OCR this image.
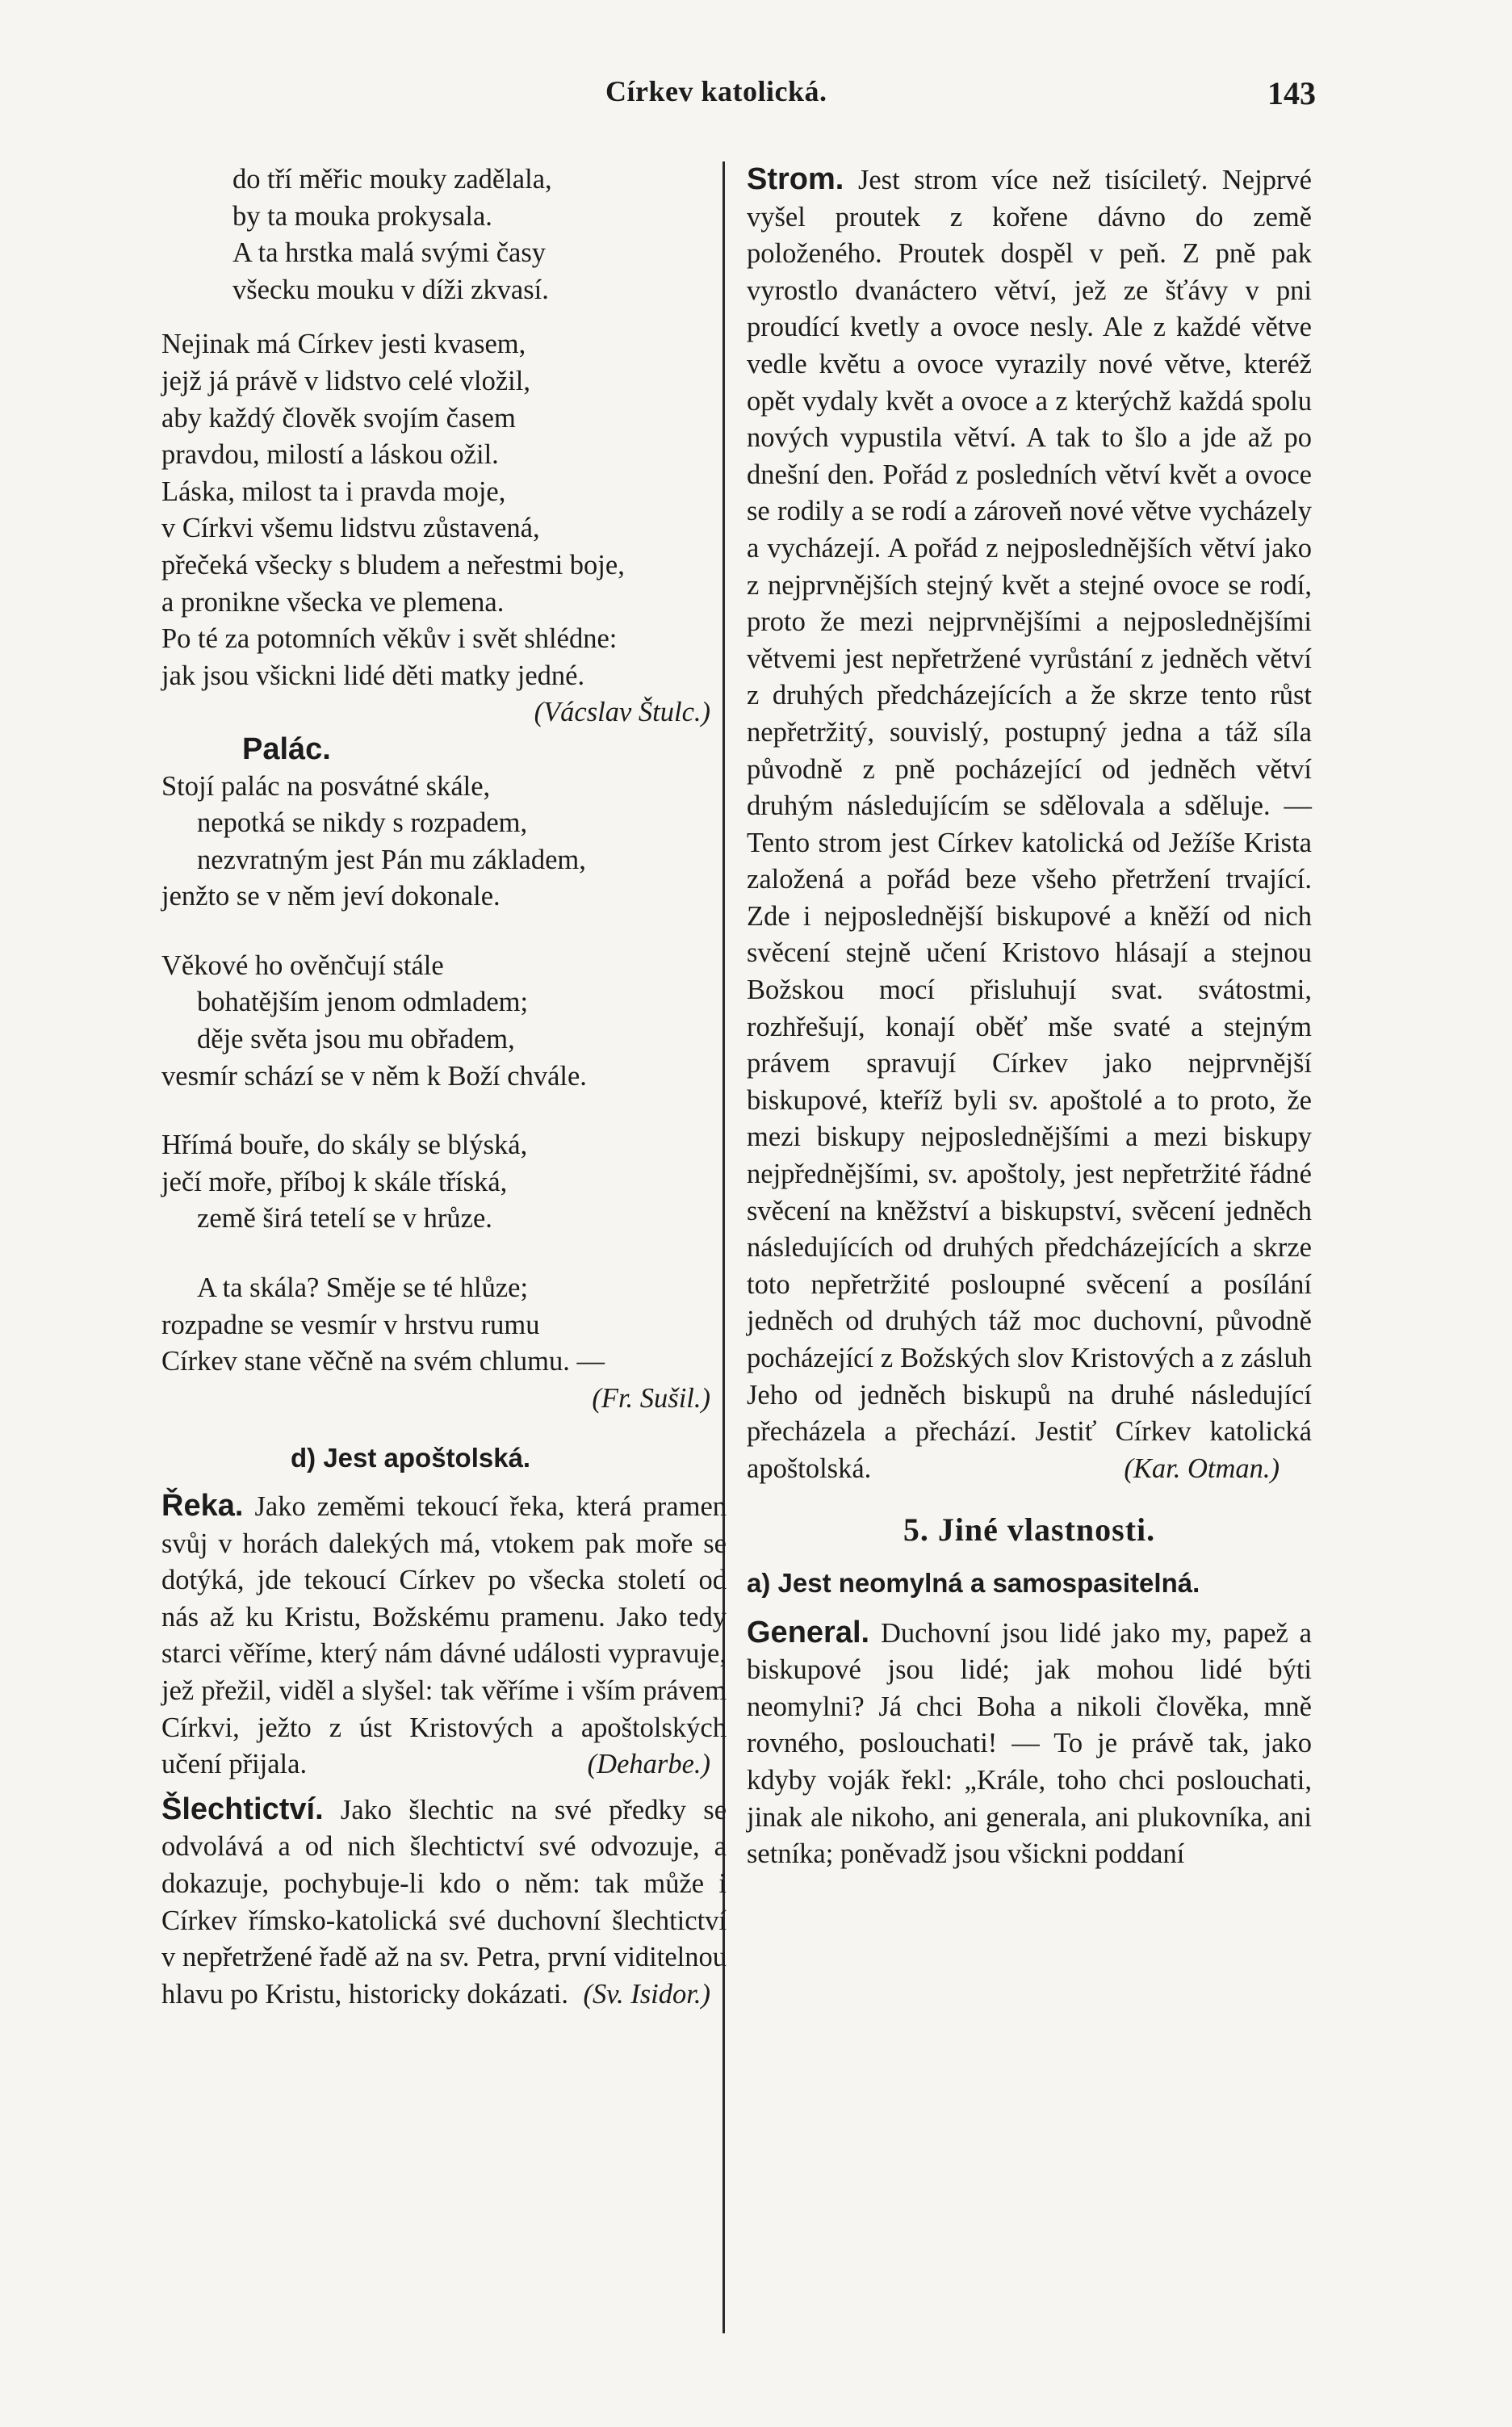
Církev katolická.	143

do tří měřic mouky zadělala,

by ta mouka prokysala.

A ta hrstka malá svými časy

všecku mouku v díži zkvasí.

Nejinak má Církev jesti kvasem,

jejž já právě v lidstvo celé vložil,

aby každý člověk svojím časem

pravdou, milostí a láskou ožil.

Láska, milost ta i pravda moje,

v Církvi všemu lidstvu zůstavená,

přečeká všecky s bludem a neřestmi boje,

a pronikne všecka ve plemena.

Po té za potomních věkův i svět shlédne:

jak jsou všickni lidé děti matky jedné.

(Vácslav Štulc.)

Palác.

Stojí palác na posvátné skále,

nepotká se nikdy s rozpadem,

nezvratným jest Pán mu základem,

jenžto se v něm jeví dokonale.

Věkové ho ověnčují stále

bohatějším jenom odmladem;

děje světa jsou mu obřadem,

vesmír schází se v něm k Boží chvále.

Hřímá bouře, do skály se blýská,

ječí moře, příboj k skále tříská,

země širá tetelí se v hrůze.

A ta skála? Směje se té hlůze;

rozpadne se vesmír v hrstvu rumu

Církev stane věčně na svém chlumu. —

(Fr. Sušil.)

d) Jest apoštolská.

Řeka. Jako zeměmi tekoucí řeka, která pramen svůj v horách dalekých má, vtokem pak moře se dotýká, jde tekoucí Církev po všecka století od nás až ku Kristu, Božskému pramenu. Jako tedy starci věříme, který nám dávné události vypravuje, jež přežil, viděl a slyšel: tak věříme i vším právem Církvi, ježto z úst Kristových a apoštolských učení přijala.	(Deharbe.)

Šlechtictví. Jako šlechtic na své předky se odvolává a od nich šlechtictví své odvozuje, a dokazuje, pochybuje-li kdo o něm: tak může i Církev římsko-katolická své duchovní šlechtictví v nepřetržené řadě až na sv. Petra, první viditelnou hlavu po Kristu, historicky dokázati. (Sv. Isidor.)

Strom. Jest strom více než tisíciletý. Nejprvé vyšel proutek z kořene dávno do země položeného. Proutek dospěl v peň. Z pně pak vyrostlo dvanáctero větví, jež ze šťávy v pni proudící kvetly a ovoce nesly. Ale z každé větve vedle květu a ovoce vyrazily nové větve, kteréž opět vydaly květ a ovoce a z kterýchž každá spolu nových vypustila větví. A tak to šlo a jde až po dnešní den. Pořád z posledních větví květ a ovoce se rodily a se rodí a zároveň nové větve vycházely a vycházejí. A pořád z nejposlednějších větví jako z nejprvnějších stejný květ a stejné ovoce se rodí, proto že mezi nejprvnějšími a nejposlednějšími větvemi jest nepřetržené vyrůstání z jedněch větví z druhých předcházejících a že skrze tento růst nepřetržitý, souvislý, postupný jedna a táž síla původně z pně pocházející od jedněch větví druhým následujícím se sdělovala a sděluje. — Tento strom jest Církev katolická od Ježíše Krista založená a pořád beze všeho přetržení trvající. Zde i nejposlednější biskupové a kněží od nich svěcení stejně učení Kristovo hlásají a stejnou Božskou mocí přisluhují svat. svátostmi, rozhřešují, konají oběť mše svaté a stejným právem spravují Církev jako nejprvnější biskupové, kteříž byli sv. apoštolé a to proto, že mezi biskupy nejposlednějšími a mezi biskupy nejpřednějšími, sv. apoštoly, jest nepřetržité řádné svěcení na kněžství a biskupství, svěcení jedněch následujících od druhých předcházejících a skrze toto nepřetržité posloupné svěcení a posílání jedněch od druhých táž moc duchovní, původně pocházející z Božských slov Kristových a z zásluh Jeho od jedněch biskupů na druhé následující přecházela a přechází. Jestiť Církev katolická apoštolská.	(Kar. Otman.)

5. Jiné vlastnosti.

a) Jest neomylná a samospasitelná.

General. Duchovní jsou lidé jako my, papež a biskupové jsou lidé; jak mohou lidé býti neomylni? Já chci Boha a nikoli člověka, mně rovného, poslouchati! — To je právě tak, jako kdyby voják řekl: „Krále, toho chci poslouchati, jinak ale nikoho, ani generala, ani plukovníka, ani setníka; poněvadž jsou všickni poddaní
